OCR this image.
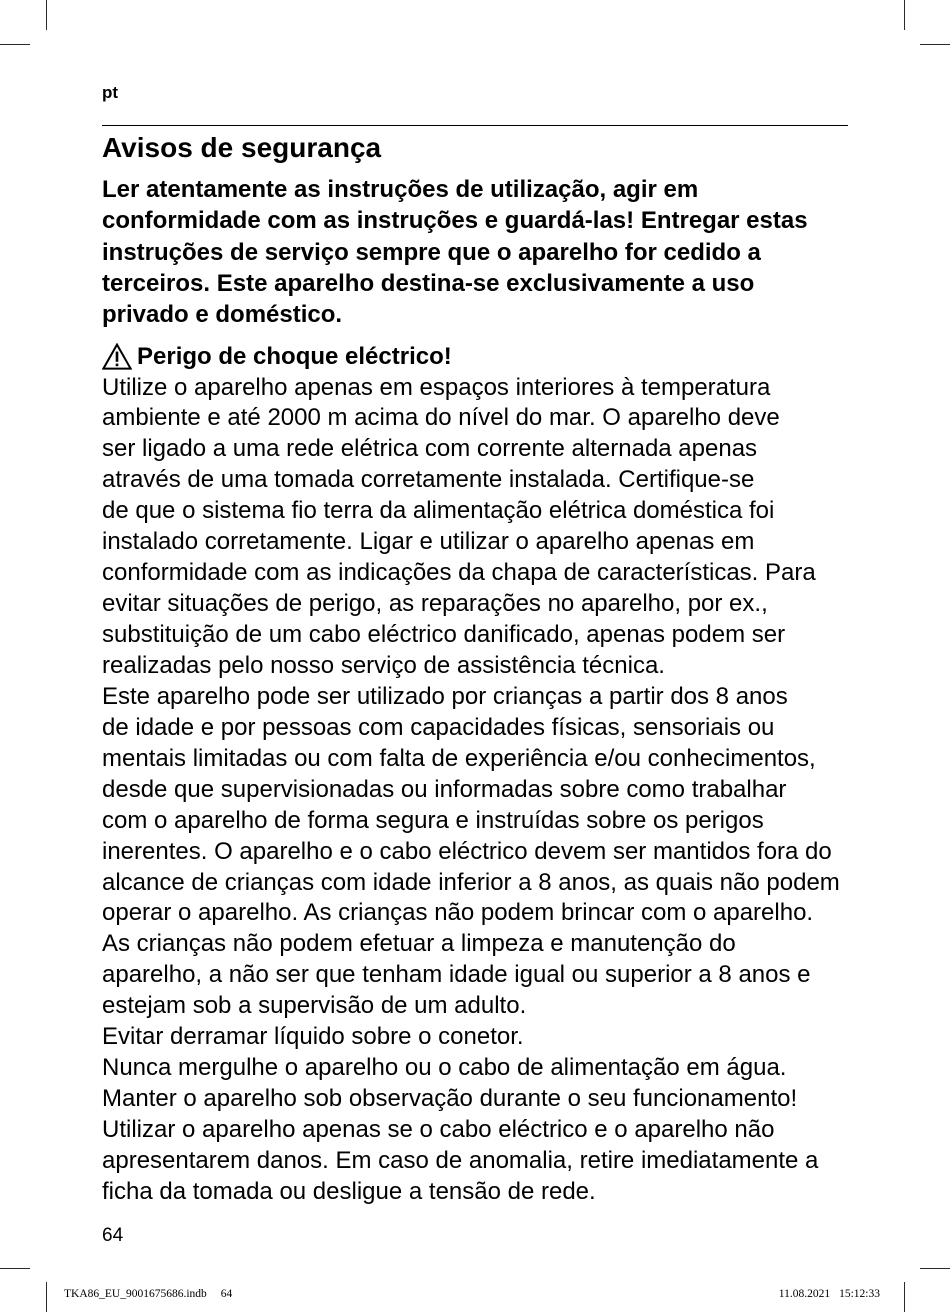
pt
Avisos de segurança
Ler atentamente as instruções de utilização, agir em
conformidade com as instruções e guardá-las! Entregar estas
instruções de serviço sempre que o aparelho for cedido a
terceiros. Este aparelho destina-se exclusivamente a uso
privado e doméstico.
Perigo de choque eléctrico!
Utilize o aparelho apenas em espaços interiores à temperatura
ambiente e até 2000 m acima do nível do mar. O aparelho deve
ser ligado a uma rede elétrica com corrente alternada apenas
através de uma tomada corretamente instalada. Certifique-se
de que o sistema fio terra da alimentação elétrica doméstica foi
instalado corretamente. Ligar e utilizar o aparelho apenas em
conformidade com as indicações da chapa de características. Para
evitar situações de perigo, as reparações no aparelho, por ex.,
substituição de um cabo eléctrico danificado, apenas podem ser
realizadas pelo nosso serviço de assistência técnica.
Este aparelho pode ser utilizado por crianças a partir dos 8 anos
de idade e por pessoas com capacidades físicas, sensoriais ou
mentais limitadas ou com falta de experiência e/ou conhecimentos,
desde que supervisionadas ou informadas sobre como trabalhar
com o aparelho de forma segura e instruídas sobre os perigos
inerentes. O aparelho e o cabo eléctrico devem ser mantidos fora do
alcance de crianças com idade inferior a 8 anos, as quais não podem
operar o aparelho. As crianças não podem brincar com o aparelho.
As crianças não podem efetuar a limpeza e manutenção do
aparelho, a não ser que tenham idade igual ou superior a 8 anos e
estejam sob a supervisão de um adulto.
Evitar derramar líquido sobre o conetor.
Nunca mergulhe o aparelho ou o cabo de alimentação em água.
Manter o aparelho sob observação durante o seu funcionamento!
Utilizar o aparelho apenas se o cabo eléctrico e o aparelho não
apresentarem danos. Em caso de anomalia, retire imediatamente a
ficha da tomada ou desligue a tensão de rede.
64
TKA86_EU_9001675686.indb 64	11.08.2021 15:12:33
